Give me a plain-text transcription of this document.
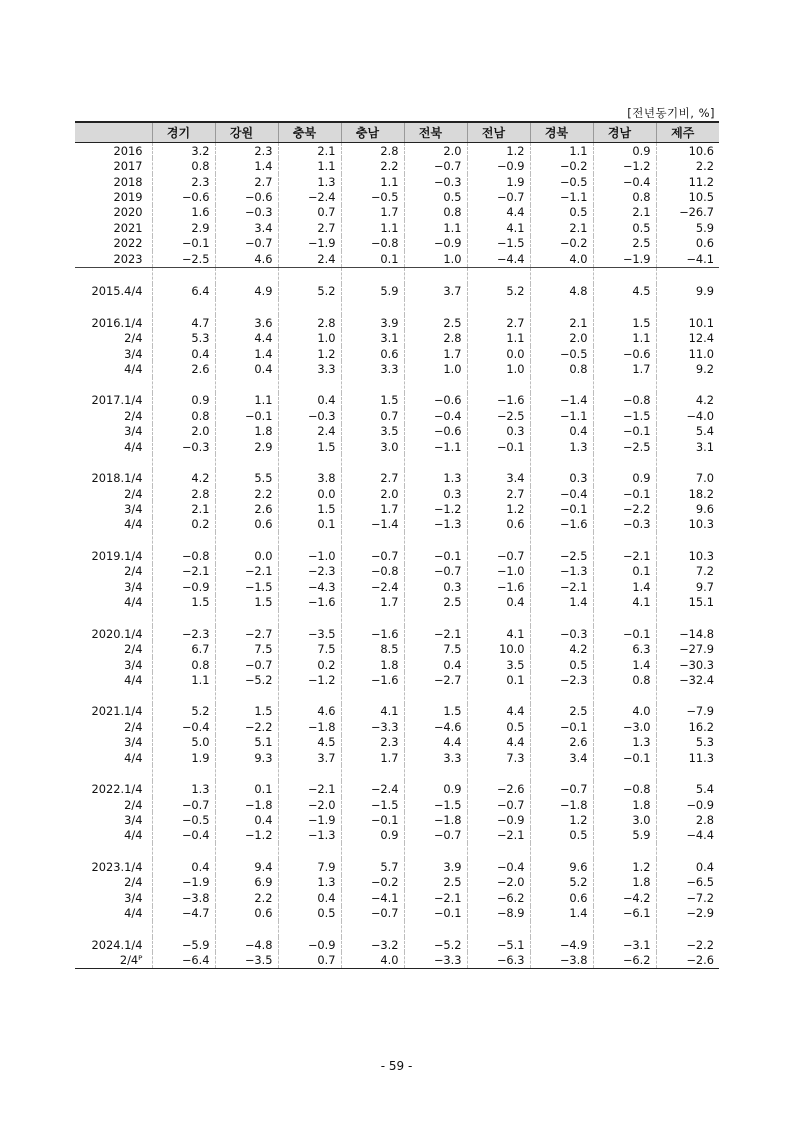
[전년동기비, %]
	경기	강원	충북	충남	전북	전남	경북	경남	제주
2016	3.2	2.3	2.1	2.8	2.0	1.2	1.1	0.9	10.6
2017	0.8	1.4	1.1	2.2	−0.7	−0.9	−0.2	−1.2	2.2
2018	2.3	2.7	1.3	1.1	−0.3	1.9	−0.5	−0.4	11.2
2019	−0.6	−0.6	−2.4	−0.5	0.5	−0.7	−1.1	0.8	10.5
2020	1.6	−0.3	0.7	1.7	0.8	4.4	0.5	2.1	−26.7
2021	2.9	3.4	2.7	1.1	1.1	4.1	2.1	0.5	5.9
2022	−0.1	−0.7	−1.9	−0.8	−0.9	−1.5	−0.2	2.5	0.6
2023	−2.5	4.6	2.4	0.1	1.0	−4.4	4.0	−1.9	−4.1

2015.4/4	6.4	4.9	5.2	5.9	3.7	5.2	4.8	4.5	9.9

2016.1/4	4.7	3.6	2.8	3.9	2.5	2.7	2.1	1.5	10.1
2/4	5.3	4.4	1.0	3.1	2.8	1.1	2.0	1.1	12.4
3/4	0.4	1.4	1.2	0.6	1.7	0.0	−0.5	−0.6	11.0
4/4	2.6	0.4	3.3	3.3	1.0	1.0	0.8	1.7	9.2

2017.1/4	0.9	1.1	0.4	1.5	−0.6	−1.6	−1.4	−0.8	4.2
2/4	0.8	−0.1	−0.3	0.7	−0.4	−2.5	−1.1	−1.5	−4.0
3/4	2.0	1.8	2.4	3.5	−0.6	0.3	0.4	−0.1	5.4
4/4	−0.3	2.9	1.5	3.0	−1.1	−0.1	1.3	−2.5	3.1

2018.1/4	4.2	5.5	3.8	2.7	1.3	3.4	0.3	0.9	7.0
2/4	2.8	2.2	0.0	2.0	0.3	2.7	−0.4	−0.1	18.2
3/4	2.1	2.6	1.5	1.7	−1.2	1.2	−0.1	−2.2	9.6
4/4	0.2	0.6	0.1	−1.4	−1.3	0.6	−1.6	−0.3	10.3

2019.1/4	−0.8	0.0	−1.0	−0.7	−0.1	−0.7	−2.5	−2.1	10.3
2/4	−2.1	−2.1	−2.3	−0.8	−0.7	−1.0	−1.3	0.1	7.2
3/4	−0.9	−1.5	−4.3	−2.4	0.3	−1.6	−2.1	1.4	9.7
4/4	1.5	1.5	−1.6	1.7	2.5	0.4	1.4	4.1	15.1

2020.1/4	−2.3	−2.7	−3.5	−1.6	−2.1	4.1	−0.3	−0.1	−14.8
2/4	6.7	7.5	7.5	8.5	7.5	10.0	4.2	6.3	−27.9
3/4	0.8	−0.7	0.2	1.8	0.4	3.5	0.5	1.4	−30.3
4/4	1.1	−5.2	−1.2	−1.6	−2.7	0.1	−2.3	0.8	−32.4

2021.1/4	5.2	1.5	4.6	4.1	1.5	4.4	2.5	4.0	−7.9
2/4	−0.4	−2.2	−1.8	−3.3	−4.6	0.5	−0.1	−3.0	16.2
3/4	5.0	5.1	4.5	2.3	4.4	4.4	2.6	1.3	5.3
4/4	1.9	9.3	3.7	1.7	3.3	7.3	3.4	−0.1	11.3

2022.1/4	1.3	0.1	−2.1	−2.4	0.9	−2.6	−0.7	−0.8	5.4
2/4	−0.7	−1.8	−2.0	−1.5	−1.5	−0.7	−1.8	1.8	−0.9
3/4	−0.5	0.4	−1.9	−0.1	−1.8	−0.9	1.2	3.0	2.8
4/4	−0.4	−1.2	−1.3	0.9	−0.7	−2.1	0.5	5.9	−4.4

2023.1/4	0.4	9.4	7.9	5.7	3.9	−0.4	9.6	1.2	0.4
2/4	−1.9	6.9	1.3	−0.2	2.5	−2.0	5.2	1.8	−6.5
3/4	−3.8	2.2	0.4	−4.1	−2.1	−6.2	0.6	−4.2	−7.2
4/4	−4.7	0.6	0.5	−0.7	−0.1	−8.9	1.4	−6.1	−2.9

2024.1/4	−5.9	−4.8	−0.9	−3.2	−5.2	−5.1	−4.9	−3.1	−2.2
2/4ᴾ	−6.4	−3.5	0.7	4.0	−3.3	−6.3	−3.8	−6.2	−2.6
- 59 -
